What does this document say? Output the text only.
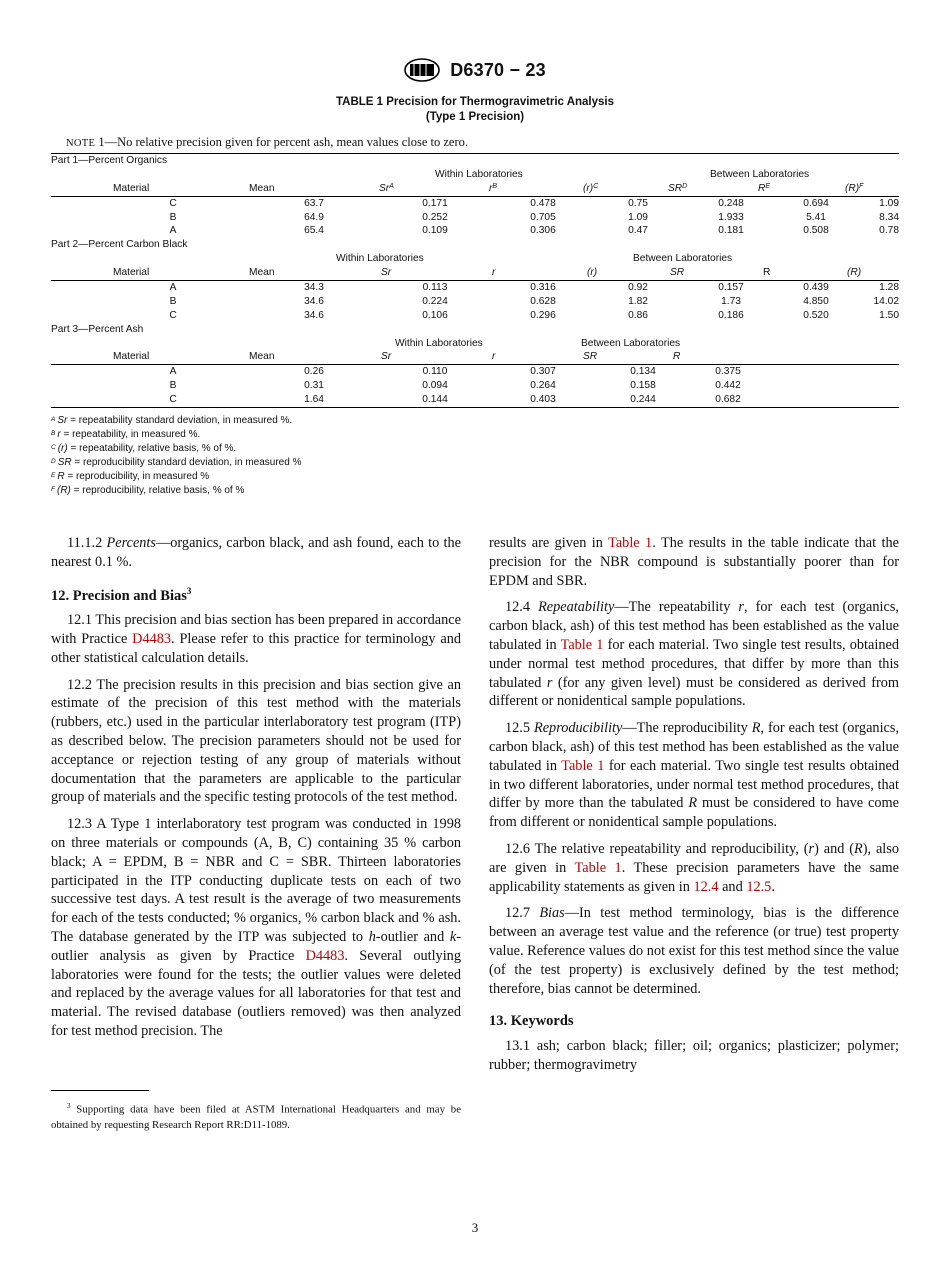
D6370 − 23
TABLE 1 Precision for Thermogravimetric Analysis
(Type 1 Precision)
NOTE 1—No relative precision given for percent ash, mean values close to zero.
Part 1—Percent Organics
Within Laboratories	Between Laboratories
Material	Mean	$Sr^A$	$r^B$	$(r)^C$	$SR^D$	$R^E$	$(R)^F$
C	63.7	0.171	0.478	0.75	0.248	0.694	1.09
B	64.9	0.252	0.705	1.09	1.933	5.41	8.34
A	65.4	0.109	0.306	0.47	0.181	0.508	0.78
Part 2—Percent Carbon Black
Within Laboratories	Between Laboratories
Material	Mean	Sr	r	(r)	SR	R	(R)
A	34.3	0.113	0.316	0.92	0.157	0.439	1.28
B	34.6	0.224	0.628	1.82	1.73	4.850	14.02
C	34.6	0.106	0.296	0.86	0.186	0.520	1.50
Part 3—Percent Ash
Within Laboratories	Between Laboratories
Material	Mean	Sr	r	SR	R
A	0.26	0.110	0.307	0.134	0.375
B	0.31	0.094	0.264	0.158	0.442
C	1.64	0.144	0.403	0.244	0.682
$^A$ Sr = repeatability standard deviation, in measured %.
$^B$ r = repeatability, in measured %.
$^C$ (r) = repeatability, relative basis, % of %.
$^D$ SR = reproducibility standard deviation, in measured %
$^E$ R = reproducibility, in measured %
$^F$ (R) = reproducibility, relative basis, % of %

11.1.2 Percents—organics, carbon black, and ash found, each to the nearest 0.1 %.

12. Precision and Bias$^3$

12.1 This precision and bias section has been prepared in accordance with Practice D4483. Please refer to this practice for terminology and other statistical calculation details.

12.2 The precision results in this precision and bias section give an estimate of the precision of this test method with the materials (rubbers, etc.) used in the particular interlaboratory test program (ITP) as described below. The precision parameters should not be used for acceptance or rejection testing of any group of materials without documentation that the parameters are applicable to the particular group of materials and the specific testing protocols of the test method.

12.3 A Type 1 interlaboratory test program was conducted in 1998 on three materials or compounds (A, B, C) containing 35 % carbon black; A = EPDM, B = NBR and C = SBR. Thirteen laboratories participated in the ITP conducting duplicate tests on each of two successive test days. A test result is the average of two measurements for each of the tests conducted; % organics, % carbon black and % ash. The database generated by the ITP was subjected to h-outlier and k-outlier analysis as given by Practice D4483. Several outlying laboratories were found for the tests; the outlier values were deleted and replaced by the average values for all laboratories for that test and material. The revised database (outliers removed) was then analyzed for test method precision. The

$^3$ Supporting data have been filed at ASTM International Headquarters and may be obtained by requesting Research Report RR:D11-1089.

results are given in Table 1. The results in the table indicate that the precision for the NBR compound is substantially poorer than for EPDM and SBR.

12.4 Repeatability—The repeatability r, for each test (organics, carbon black, ash) of this test method has been established as the value tabulated in Table 1 for each material. Two single test results, obtained under normal test method procedures, that differ by more than this tabulated r (for any given level) must be considered as derived from different or nonidentical sample populations.

12.5 Reproducibility—The reproducibility R, for each test (organics, carbon black, ash) of this test method has been established as the value tabulated in Table 1 for each material. Two single test results obtained in two different laboratories, under normal test method procedures, that differ by more than the tabulated R must be considered to have come from different or nonidentical sample populations.

12.6 The relative repeatability and reproducibility, (r) and (R), also are given in Table 1. These precision parameters have the same applicability statements as given in 12.4 and 12.5.

12.7 Bias—In test method terminology, bias is the difference between an average test value and the reference (or true) test property value. Reference values do not exist for this test method since the value (of the test property) is exclusively defined by the test method; therefore, bias cannot be determined.

13. Keywords

13.1 ash; carbon black; filler; oil; organics; plasticizer; polymer; rubber; thermogravimetry

3
